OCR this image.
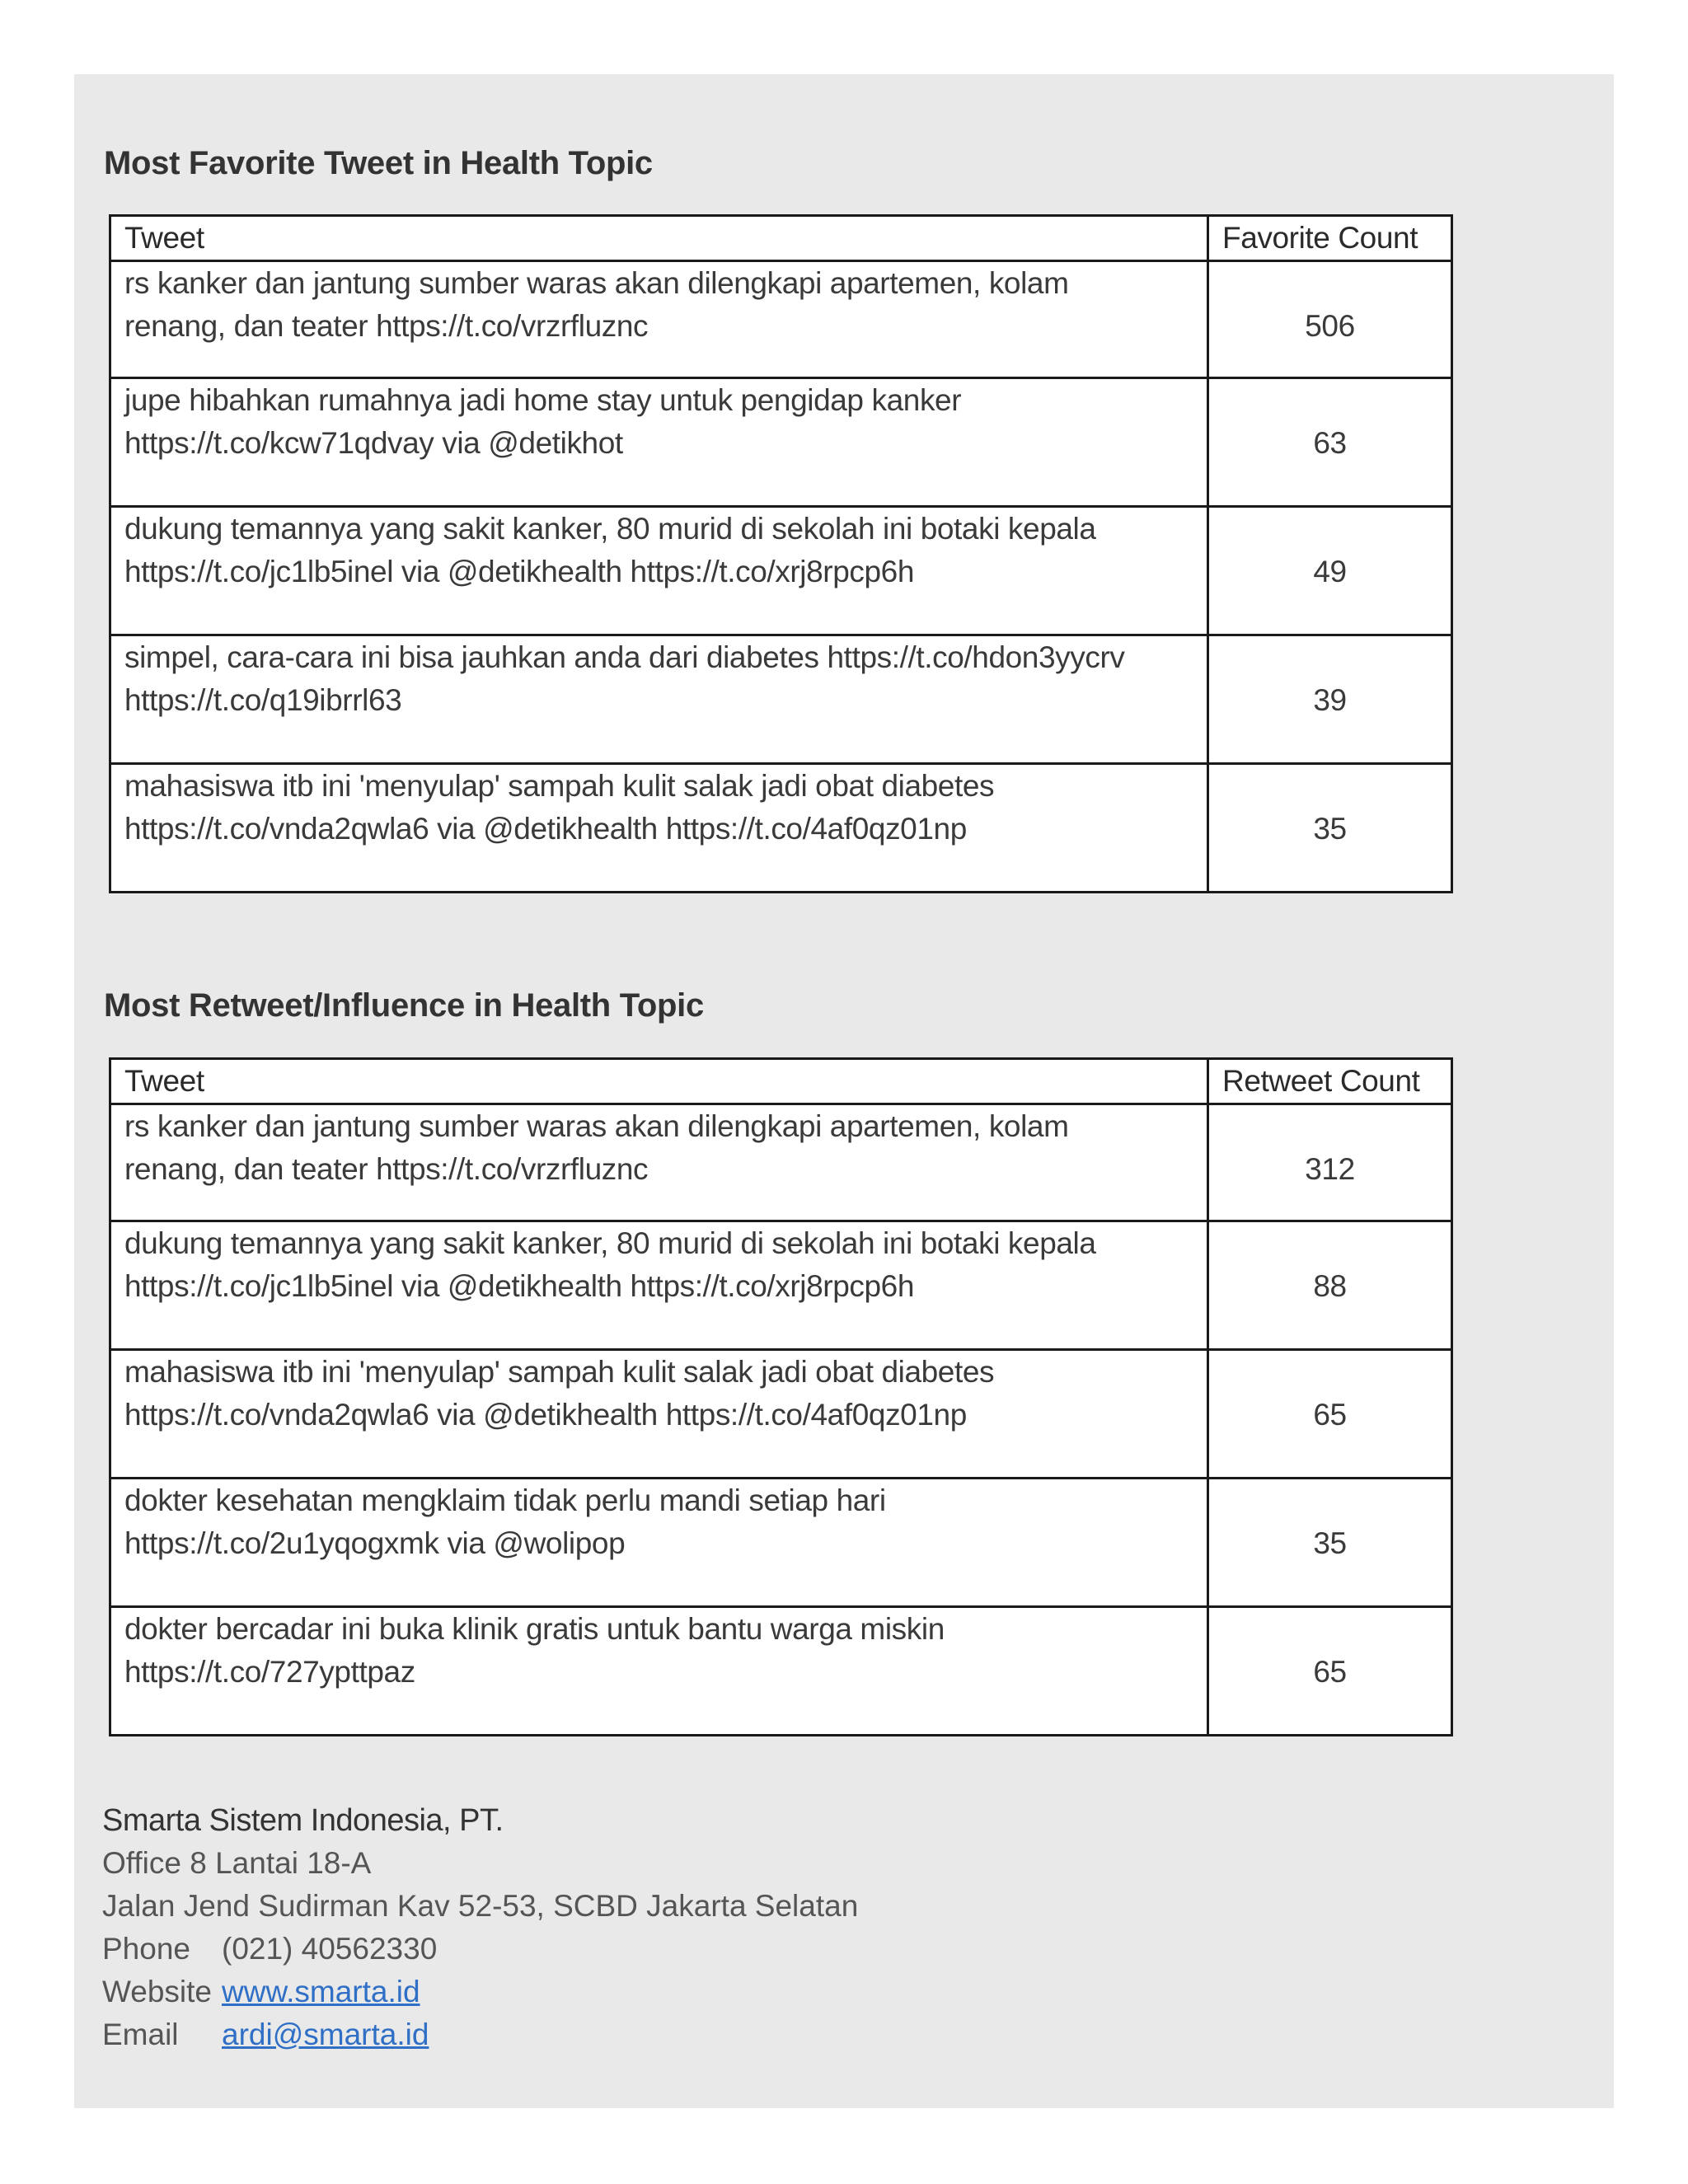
Most Favorite Tweet in Health Topic
Tweet	Favorite Count

rs kanker dan jantung sumber waras akan dilengkapi apartemen, kolam
renang, dan teater https://t.co/vrzrfluznc	506

jupe hibahkan rumahnya jadi home stay untuk pengidap kanker
https://t.co/kcw71qdvay via @detikhot	63

dukung temannya yang sakit kanker, 80 murid di sekolah ini botaki kepala
https://t.co/jc1lb5inel via @detikhealth https://t.co/xrj8rpcp6h	49

simpel, cara-cara ini bisa jauhkan anda dari diabetes https://t.co/hdon3yycrv
https://t.co/q19ibrrl63	39

mahasiswa itb ini 'menyulap' sampah kulit salak jadi obat diabetes
https://t.co/vnda2qwla6 via @detikhealth https://t.co/4af0qz01np	35
Most Retweet/Influence in Health Topic
Tweet	Retweet Count

rs kanker dan jantung sumber waras akan dilengkapi apartemen, kolam
renang, dan teater https://t.co/vrzrfluznc	312

dukung temannya yang sakit kanker, 80 murid di sekolah ini botaki kepala
https://t.co/jc1lb5inel via @detikhealth https://t.co/xrj8rpcp6h	88

mahasiswa itb ini 'menyulap' sampah kulit salak jadi obat diabetes
https://t.co/vnda2qwla6 via @detikhealth https://t.co/4af0qz01np	65

dokter kesehatan mengklaim tidak perlu mandi setiap hari
https://t.co/2u1yqogxmk via @wolipop	35

dokter bercadar ini buka klinik gratis untuk bantu warga miskin
https://t.co/727ypttpaz	65
Smarta Sistem Indonesia, PT.
Office 8 Lantai 18-A
Jalan Jend Sudirman Kav 52-53, SCBD Jakarta Selatan
Phone (021) 40562330
Website www.smarta.id
Email ardi@smarta.id
